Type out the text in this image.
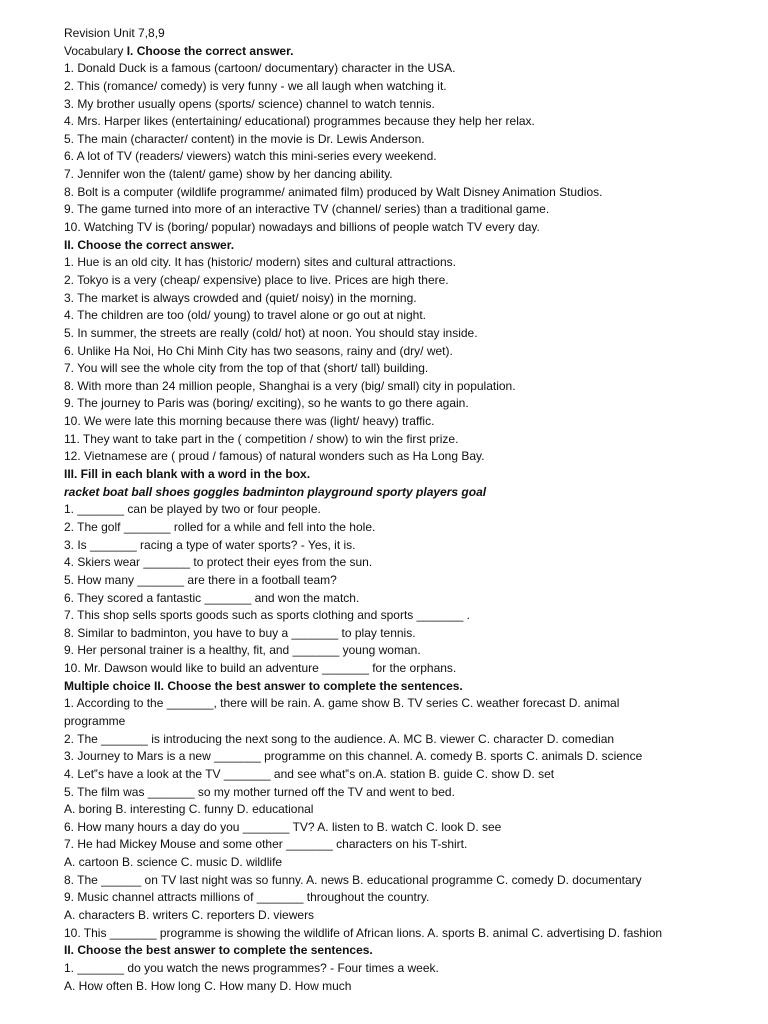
Revision Unit 7,8,9
Vocabulary I. Choose the correct answer.
1. Donald Duck is a famous (cartoon/ documentary) character in the USA.
2. This (romance/ comedy) is very funny - we all laugh when watching it.
3. My brother usually opens (sports/ science) channel to watch tennis.
4. Mrs. Harper likes (entertaining/ educational) programmes because they help her relax.
5. The main (character/ content) in the movie is Dr. Lewis Anderson.
6. A lot of TV (readers/ viewers) watch this mini-series every weekend.
7. Jennifer won the (talent/ game) show by her dancing ability.
8. Bolt is a computer (wildlife programme/ animated film) produced by Walt Disney Animation Studios.
9. The game turned into more of an interactive TV (channel/ series) than a traditional game.
10. Watching TV is (boring/ popular) nowadays and billions of people watch TV every day.
II. Choose the correct answer.
1. Hue is an old city. It has (historic/ modern) sites and cultural attractions.
2. Tokyo is a very (cheap/ expensive) place to live. Prices are high there.
3. The market is always crowded and (quiet/ noisy) in the morning.
4. The children are too (old/ young) to travel alone or go out at night.
5. In summer, the streets are really (cold/ hot) at noon. You should stay inside.
6. Unlike Ha Noi, Ho Chi Minh City has two seasons, rainy and (dry/ wet).
7. You will see the whole city from the top of that (short/ tall) building.
8. With more than 24 million people, Shanghai is a very (big/ small) city in population.
9. The journey to Paris was (boring/ exciting), so he wants to go there again.
10. We were late this morning because there was (light/ heavy) traffic.
11. They want to take part in the ( competition / show) to win the first prize.
12. Vietnamese are ( proud / famous) of natural wonders such as Ha Long Bay.
III. Fill in each blank with a word in the box.
racket boat ball shoes goggles badminton playground sporty players goal
1. _______ can be played by two or four people.
2. The golf _______ rolled for a while and fell into the hole.
3. Is _______ racing a type of water sports? - Yes, it is.
4. Skiers wear _______ to protect their eyes from the sun.
5. How many _______ are there in a football team?
6. They scored a fantastic _______ and won the match.
7. This shop sells sports goods such as sports clothing and sports _______ .
8. Similar to badminton, you have to buy a _______ to play tennis.
9. Her personal trainer is a healthy, fit, and _______ young woman.
10. Mr. Dawson would like to build an adventure _______ for the orphans.
Multiple choice II. Choose the best answer to complete the sentences.
1. According to the _______, there will be rain. A. game show B. TV series C. weather forecast D. animal
programme
2. The _______ is introducing the next song to the audience. A. MC B. viewer C. character D. comedian
3. Journey to Mars is a new _______ programme on this channel. A. comedy B. sports C. animals D. science
4. Let‟s have a look at the TV _______ and see what‟s on.A. station B. guide C. show D. set
5. The film was _______ so my mother turned off the TV and went to bed.
A. boring B. interesting C. funny D. educational
6. How many hours a day do you _______ TV? A. listen to B. watch C. look D. see
7. He had Mickey Mouse and some other _______ characters on his T-shirt.
A. cartoon B. science C. music D. wildlife
8. The ______ on TV last night was so funny. A. news B. educational programme C. comedy D. documentary
9. Music channel attracts millions of _______ throughout the country.
A. characters B. writers C. reporters D. viewers
10. This _______ programme is showing the wildlife of African lions. A. sports B. animal C. advertising D. fashion
II. Choose the best answer to complete the sentences.
1. _______ do you watch the news programmes? - Four times a week.
A. How often B. How long C. How many D. How much
